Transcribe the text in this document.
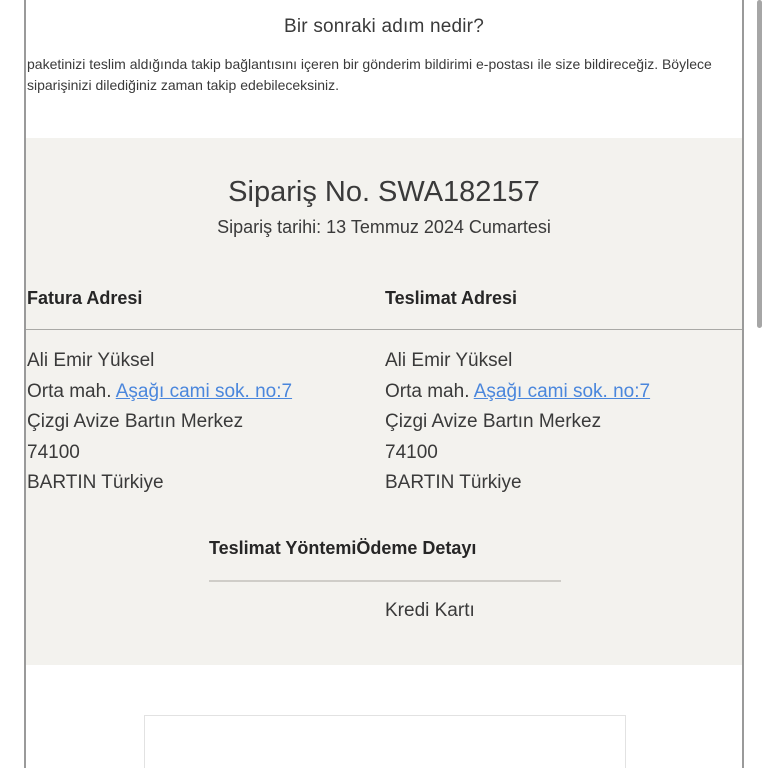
Bir sonraki adım nedir?
paketinizi teslim aldığında takip bağlantısını içeren bir gönderim bildirimi e-postası ile size bildireceğiz. Böylece siparişinizi dilediğiniz zaman takip edebileceksiniz.
Sipariş No. SWA182157
Sipariş tarihi: 13 Temmuz 2024 Cumartesi
Fatura Adresi	Teslimat Adresi
Ali Emir Yüksel
Orta mah. Aşağı cami sok. no:7
Çizgi Avize Bartın Merkez
74100
BARTIN Türkiye
Ali Emir Yüksel
Orta mah. Aşağı cami sok. no:7
Çizgi Avize Bartın Merkez
74100
BARTIN Türkiye
Teslimat YöntemiÖdeme Detayı
Kredi Kartı
